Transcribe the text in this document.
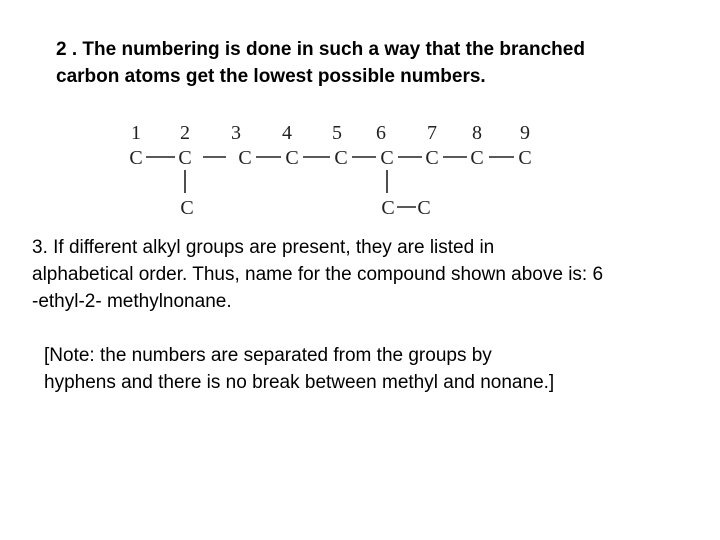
2 . The numbering is done in such a way that the branched
carbon atoms get the lowest possible numbers.
1 2 3 4 5 6 7 8 9
C C C C C C C C C
C	C C
3. If different alkyl groups are present, they are listed in
alphabetical order. Thus, name for the compound shown above is: 6
-ethyl-2- methylnonane.
[Note: the numbers are separated from the groups by
hyphens and there is no break between methyl and nonane.]
